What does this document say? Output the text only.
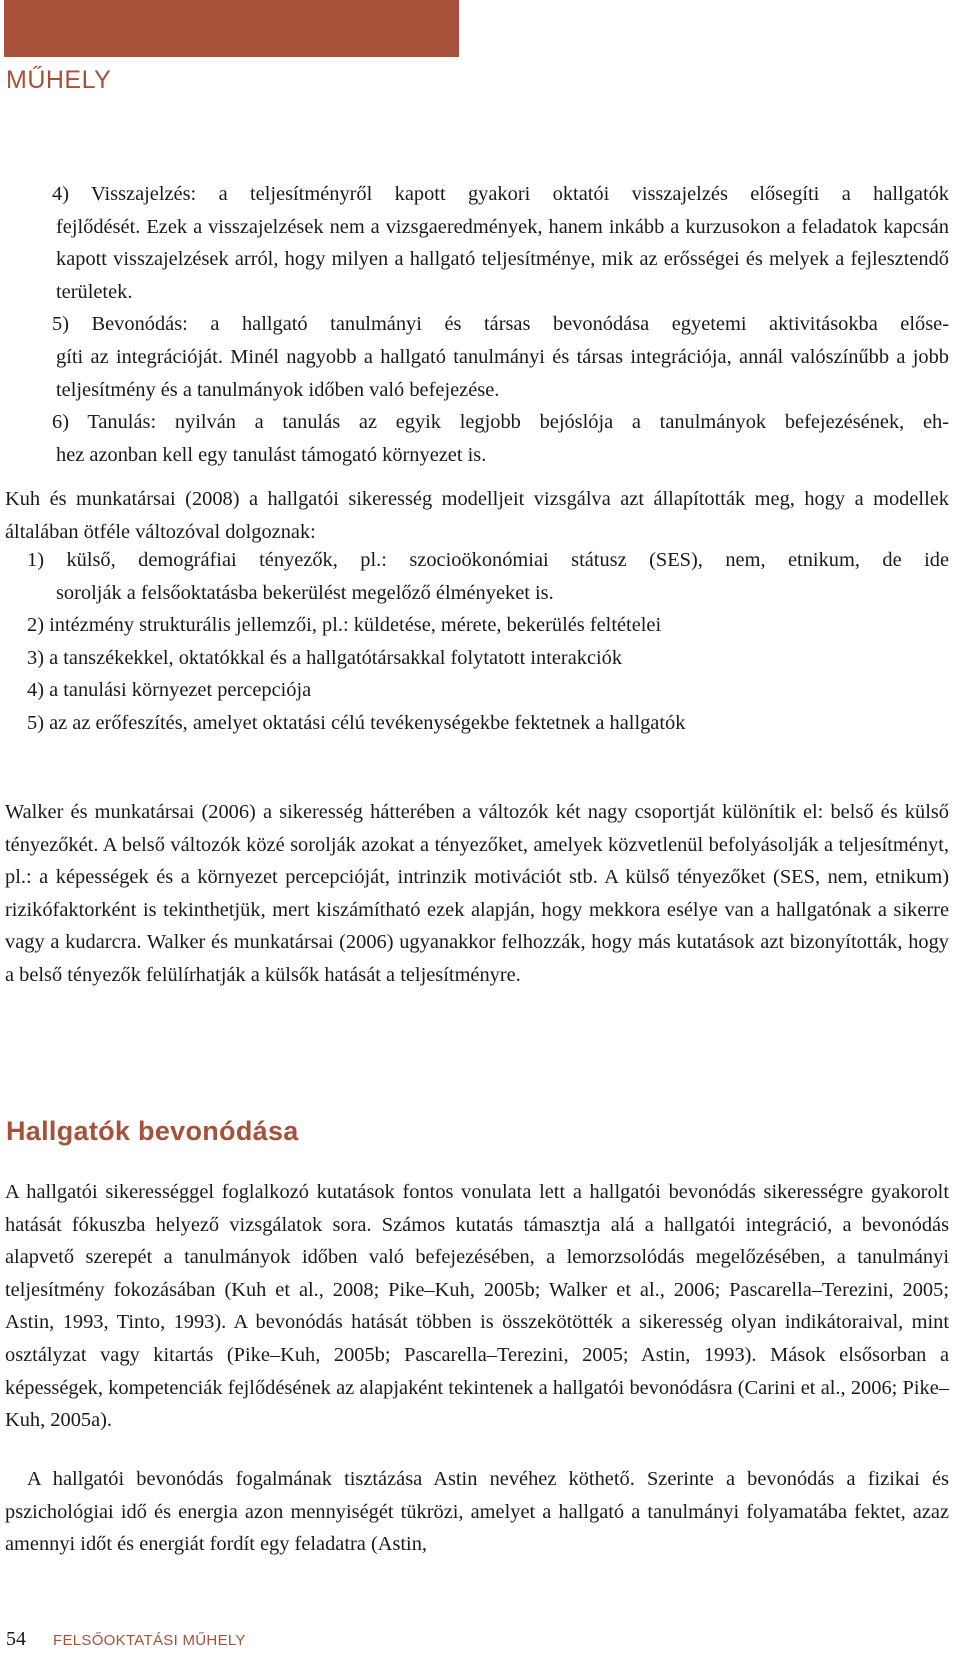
MŰHELY
4) Visszajelzés: a teljesítményről kapott gyakori oktatói visszajelzés elősegíti a hallgatók
fejlődését. Ezek a visszajelzések nem a vizsgaeredmények, hanem inkább a kurzusokon a feladatok kapcsán kapott visszajelzések arról, hogy milyen a hallgató teljesítménye, mik az erősségei és melyek a fejlesztendő területek.
5) Bevonódás: a hallgató tanulmányi és társas bevonódása egyetemi aktivitásokba előse-
gíti az integrációját. Minél nagyobb a hallgató tanulmányi és társas integrációja, annál valószínűbb a jobb teljesítmény és a tanulmányok időben való befejezése.
6) Tanulás: nyilván a tanulás az egyik legjobb bejóslója a tanulmányok befejezésének, eh-
hez azonban kell egy tanulást támogató környezet is.

Kuh és munkatársai (2008) a hallgatói sikeresség modelljeit vizsgálva azt állapították meg, hogy a modellek általában ötféle változóval dolgoznak:

1) külső, demográfiai tényezők, pl.: szocioökonómiai státusz (SES), nem, etnikum, de ide
sorolják a felsőoktatásba bekerülést megelőző élményeket is.
2) intézmény strukturális jellemzői, pl.: küldetése, mérete, bekerülés feltételei
3) a tanszékekkel, oktatókkal és a hallgatótársakkal folytatott interakciók
4) a tanulási környezet percepciója
5) az az erőfeszítés, amelyet oktatási célú tevékenységekbe fektetnek a hallgatók

Walker és munkatársai (2006) a sikeresség hátterében a változók két nagy csoportját különítik el: belső és külső tényezőkét. A belső változók közé sorolják azokat a tényezőket, amelyek közvetlenül befolyásolják a teljesítményt, pl.: a képességek és a környezet percepcióját, intrinzik motivációt stb. A külső tényezőket (SES, nem, etnikum) rizikófaktorként is tekinthetjük, mert kiszámítható ezek alapján, hogy mekkora esélye van a hallgatónak a sikerre vagy a kudarcra. Walker és munkatársai (2006) ugyanakkor felhozzák, hogy más kutatások azt bizonyították, hogy a belső tényezők felülírhatják a külsők hatását a teljesítményre.

Hallgatók bevonódása

A hallgatói sikerességgel foglalkozó kutatások fontos vonulata lett a hallgatói bevonódás sikerességre gyakorolt hatását fókuszba helyező vizsgálatok sora. Számos kutatás támasztja alá a hallgatói integráció, a bevonódás alapvető szerepét a tanulmányok időben való befejezésében, a lemorzsolódás megelőzésében, a tanulmányi teljesítmény fokozásában (Kuh et al., 2008; Pike–Kuh, 2005b; Walker et al., 2006; Pascarella–Terezini, 2005; Astin, 1993, Tinto, 1993). A bevonódás hatását többen is összekötötték a sikeresség olyan indikátoraival, mint osztályzat vagy kitartás (Pike–Kuh, 2005b; Pascarella–Terezini, 2005; Astin, 1993). Mások elsősorban a képességek, kompetenciák fejlődésének az alapjaként tekintenek a hallgatói bevonódásra (Carini et al., 2006; Pike–Kuh, 2005a).

A hallgatói bevonódás fogalmának tisztázása Astin nevéhez köthető. Szerinte a bevonódás a fizikai és pszichológiai idő és energia azon mennyiségét tükrözi, amelyet a hallgató a tanulmányi folyamatába fektet, azaz amennyi időt és energiát fordít egy feladatra (Astin,

54 FELSŐOKTATÁSI MŰHELY
